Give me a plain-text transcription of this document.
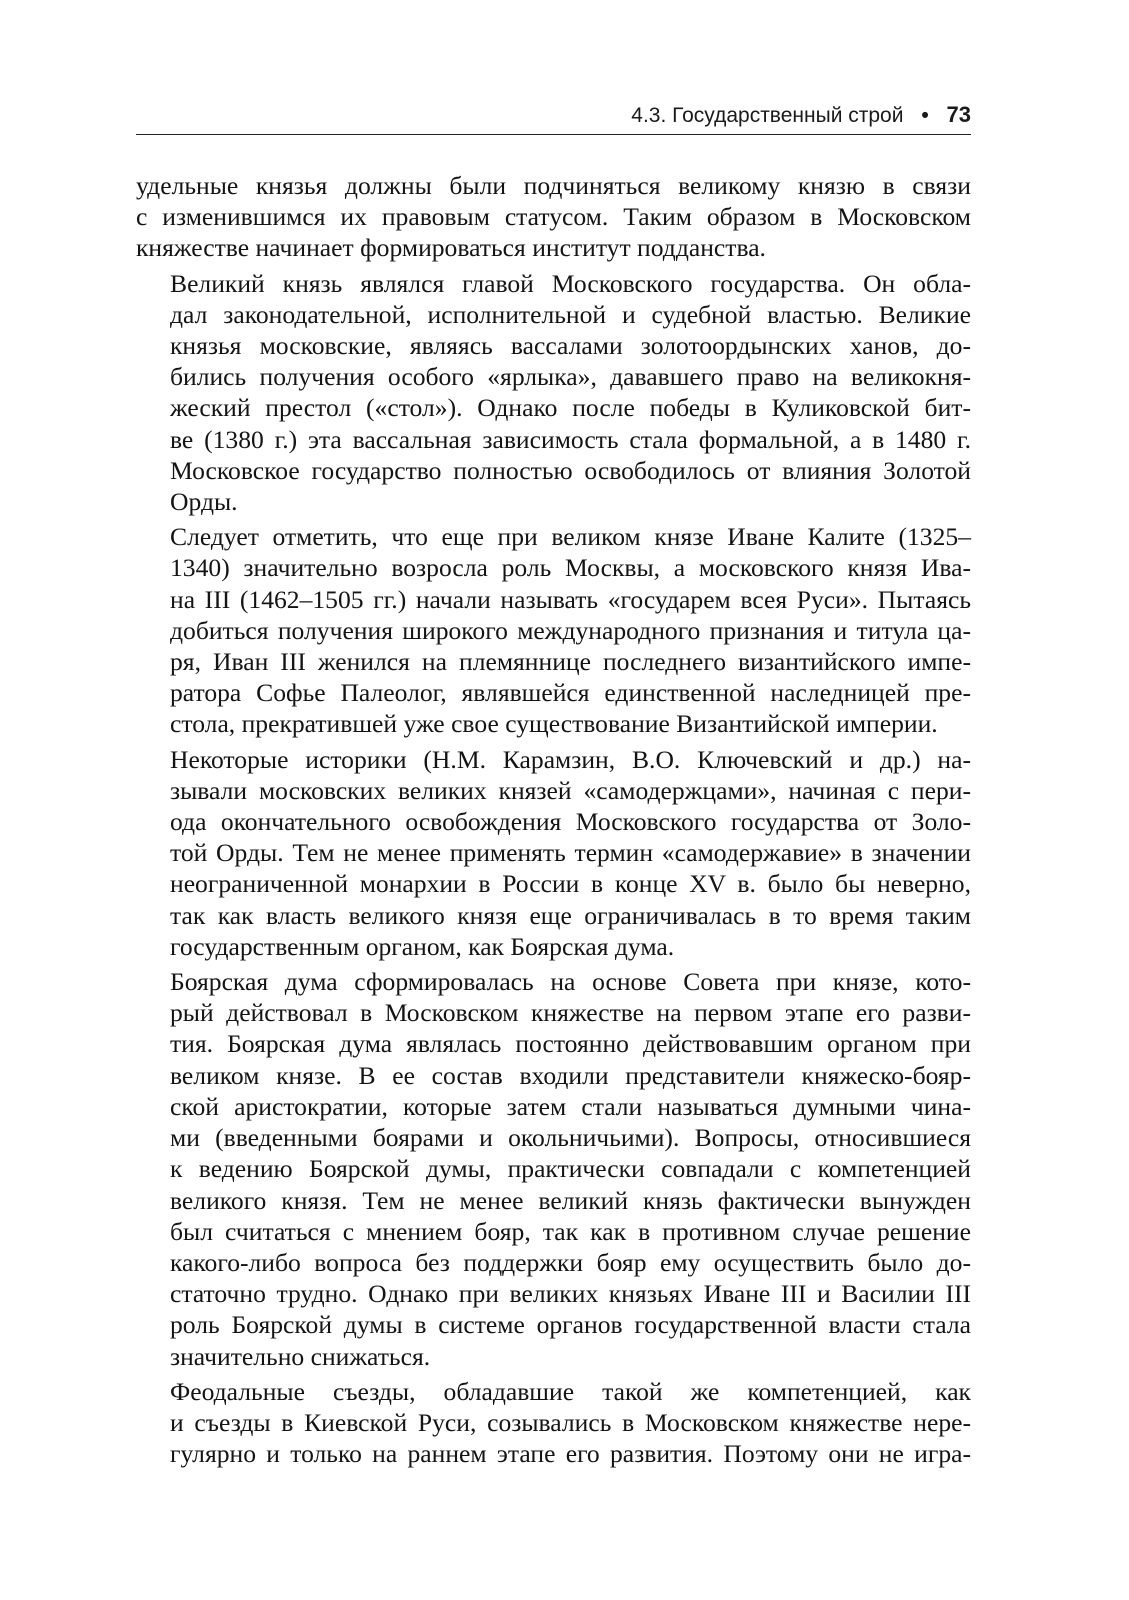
4.3. Государственный строй • 73

удельные князья должны были подчиняться великому князю в связи
с изменившимся их правовым статусом. Таким образом в Московском
княжестве начинает формироваться институт подданства.

Великий князь являлся главой Московского государства. Он обла-
дал законодательной, исполнительной и судебной властью. Великие
князья московские, являясь вассалами золотоордынских ханов, до-
бились получения особого «ярлыка», дававшего право на великокня-
жеский престол («стол»). Однако после победы в Куликовской бит-
ве (1380 г.) эта вассальная зависимость стала формальной, а в 1480 г.
Московское государство полностью освободилось от влияния Золотой
Орды.

Следует отметить, что еще при великом князе Иване Калите (1325–
1340) значительно возросла роль Москвы, а московского князя Ива-
на III (1462–1505 гг.) начали называть «государем всея Руси». Пытаясь
добиться получения широкого международного признания и титула ца-
ря, Иван III женился на племяннице последнего византийского импе-
ратора Софье Палеолог, являвшейся единственной наследницей пре-
стола, прекратившей уже свое существование Византийской империи.

Некоторые историки (Н.М. Карамзин, В.О. Ключевский и др.) на-
зывали московских великих князей «самодержцами», начиная с пери-
ода окончательного освобождения Московского государства от Золо-
той Орды. Тем не менее применять термин «самодержавие» в значении
неограниченной монархии в России в конце XV в. было бы неверно,
так как власть великого князя еще ограничивалась в то время таким
государственным органом, как Боярская дума.

Боярская дума сформировалась на основе Совета при князе, кото-
рый действовал в Московском княжестве на первом этапе его разви-
тия. Боярская дума являлась постоянно действовавшим органом при
великом князе. В ее состав входили представители княжеско-бояр-
ской аристократии, которые затем стали называться думными чина-
ми (введенными боярами и окольничьими). Вопросы, относившиеся
к ведению Боярской думы, практически совпадали с компетенцией
великого князя. Тем не менее великий князь фактически вынужден
был считаться с мнением бояр, так как в противном случае решение
какого-либо вопроса без поддержки бояр ему осуществить было до-
статочно трудно. Однако при великих князьях Иване III и Василии III
роль Боярской думы в системе органов государственной власти стала
значительно снижаться.

Феодальные съезды, обладавшие такой же компетенцией, как
и съезды в Киевской Руси, созывались в Московском княжестве нере-
гулярно и только на раннем этапе его развития. Поэтому они не игра-
